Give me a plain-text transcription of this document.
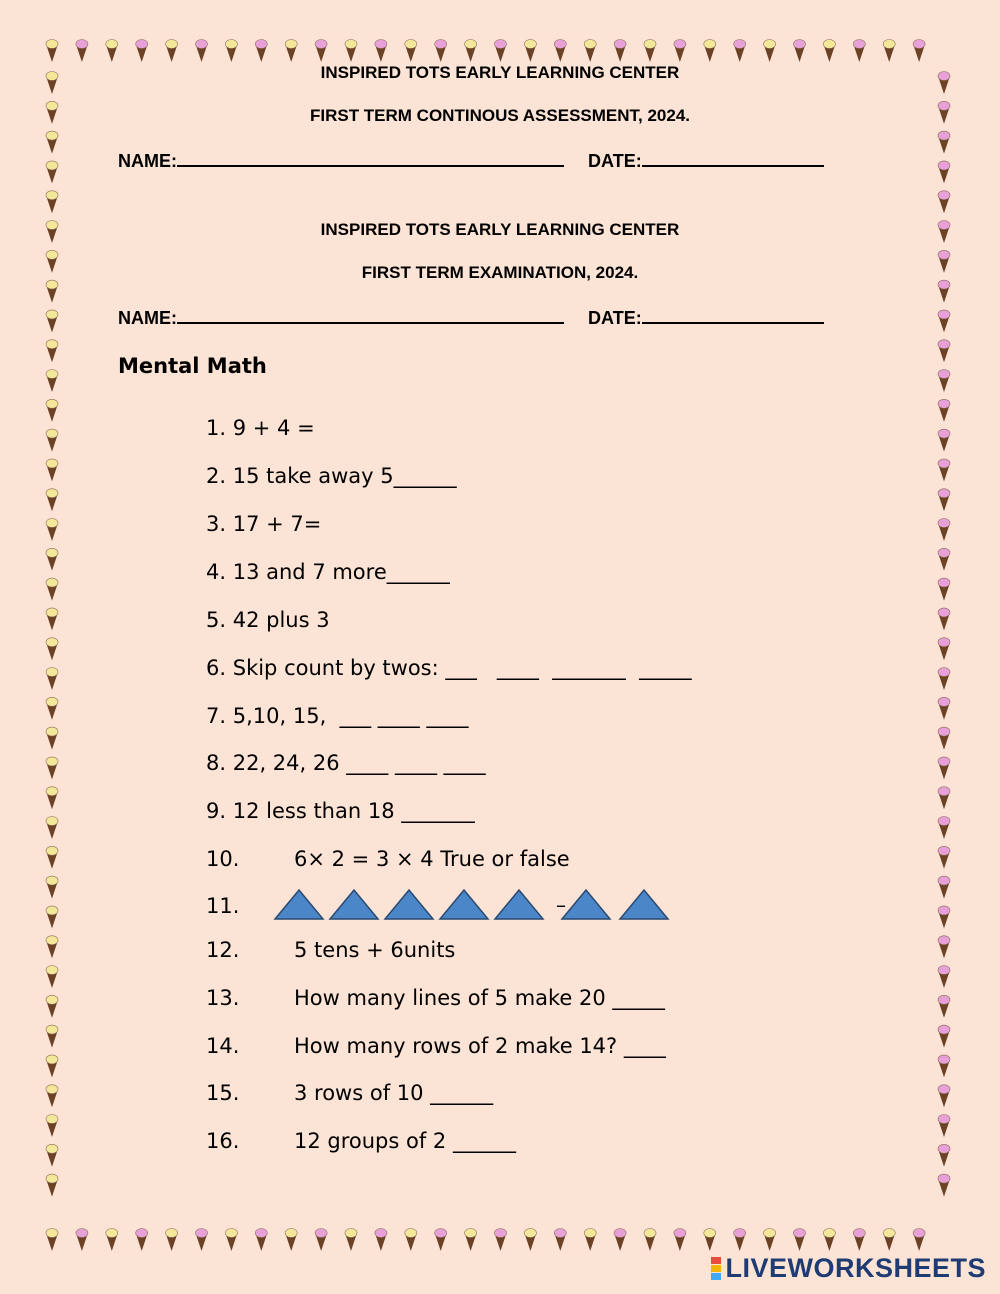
INSPIRED TOTS EARLY LEARNING CENTER
FIRST TERM CONTINOUS ASSESSMENT, 2024.
NAME:	DATE:
INSPIRED TOTS EARLY LEARNING CENTER
FIRST TERM EXAMINATION, 2024.
NAME:	DATE:
Mental Math
1. 9 + 4 =
2. 15 take away 5______
3. 17 + 7=
4. 13 and 7 more______
5. 42 plus 3
6. Skip count by twos: ___   ____  _______  _____
7. 5,10, 15,  ___ ____ ____
8. 22, 24, 26 ____ ____ ____
9. 12 less than 18 _______
10.	6× 2 = 3 × 4 True or false
11.	–
12.	5 tens + 6units
13.	How many lines of 5 make 20 _____
14.	How many rows of 2 make 14? ____
15.	3 rows of 10 ______
16.	12 groups of 2 ______
LIVEWORKSHEETS
